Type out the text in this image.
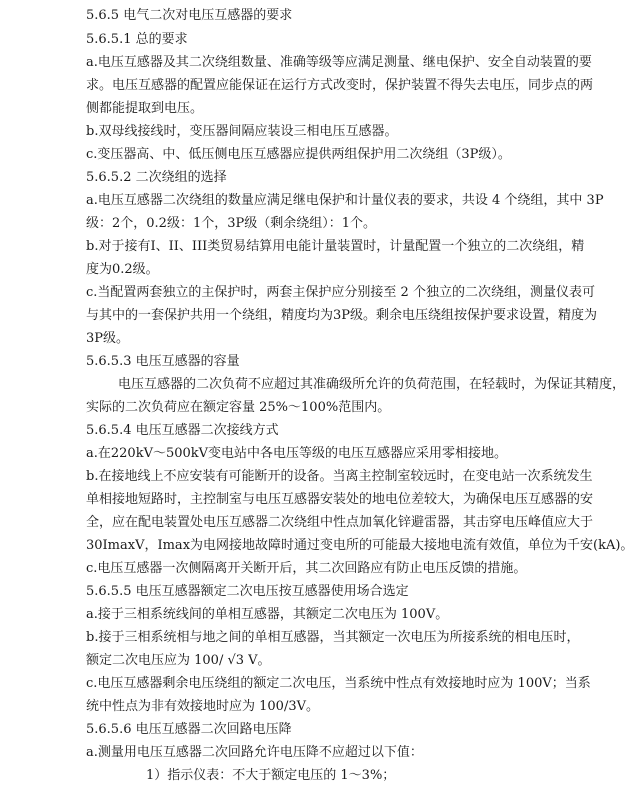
5.6.5 电气二次对电压互感器的要求
5.6.5.1 总的要求
a.电压互感器及其二次绕组数量、准确等级等应满足测量、继电保护、安全自动装置的要
求。电压互感器的配置应能保证在运行方式改变时，保护装置不得失去电压，同步点的两
侧都能提取到电压。
b.双母线接线时，变压器间隔应装设三相电压互感器。
c.变压器高、中、低压侧电压互感器应提供两组保护用二次绕组（3P级）。
5.6.5.2 二次绕组的选择
a.电压互感器二次绕组的数量应满足继电保护和计量仪表的要求，共设 4 个绕组，其中 3P
级：2个，0.2级：1个，3P级（剩余绕组）：1个。
b.对于接有I、II、III类贸易结算用电能计量装置时，计量配置一个独立的二次绕组，精
度为0.2级。
c.当配置两套独立的主保护时，两套主保护应分别接至 2 个独立的二次绕组，测量仪表可
与其中的一套保护共用一个绕组，精度均为3P级。剩余电压绕组按保护要求设置，精度为
3P级。
5.6.5.3 电压互感器的容量
电压互感器的二次负荷不应超过其准确级所允许的负荷范围，在轻载时，为保证其精度，
实际的二次负荷应在额定容量 25%～100%范围内。
5.6.5.4 电压互感器二次接线方式
a.在220kV～500kV变电站中各电压等级的电压互感器应采用零相接地。
b.在接地线上不应安装有可能断开的设备。当离主控制室较远时，在变电站一次系统发生
单相接地短路时，主控制室与电压互感器安装处的地电位差较大，为确保电压互感器的安
全，应在配电装置处电压互感器二次绕组中性点加氧化锌避雷器，其击穿电压峰值应大于
30ImaxV，Imax为电网接地故障时通过变电所的可能最大接地电流有效值，单位为千安(kA)。
c.电压互感器一次侧隔离开关断开后，其二次回路应有防止电压反馈的措施。
5.6.5.5 电压互感器额定二次电压按互感器使用场合选定
a.接于三相系统线间的单相互感器，其额定二次电压为 100V。
b.接于三相系统相与地之间的单相互感器，当其额定一次电压为所接系统的相电压时，
额定二次电压应为 100/ √3 V。
c.电压互感器剩余电压绕组的额定二次电压，当系统中性点有效接地时应为 100V；当系
统中性点为非有效接地时应为 100/3V。
5.6.5.6 电压互感器二次回路电压降
a.测量用电压互感器二次回路允许电压降不应超过以下值：
1）指示仪表：不大于额定电压的 1～3%；
